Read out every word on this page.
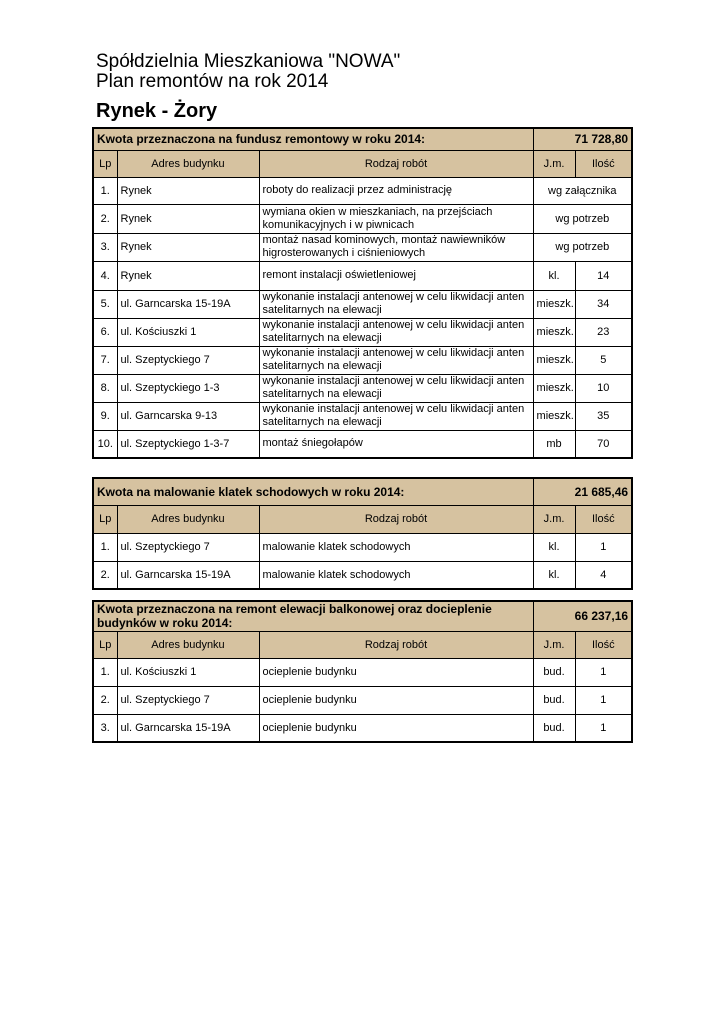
Spółdzielnia Mieszkaniowa "NOWA"
Plan remontów na rok 2014
Rynek - Żory
Kwota przeznaczona na fundusz remontowy w roku 2014:			71 728,80	
Lp	Adres budynku	Rodzaj robót	J.m.	Ilość
1.	Rynek	roboty do realizacji przez administrację	wg załącznika	
2.	Rynek	wymiana okien w mieszkaniach, na przejściach komunikacyjnych i w piwnicach	wg potrzeb	
3.	Rynek	montaż nasad kominowych, montaż nawiewników higrosterowanych i ciśnieniowych	wg potrzeb	
4.	Rynek	remont instalacji oświetleniowej	kl.	14
5.	ul. Garncarska 15-19A	wykonanie instalacji antenowej w celu likwidacji anten satelitarnych na elewacji	mieszk.	34
6.	ul. Kościuszki 1	wykonanie instalacji antenowej w celu likwidacji anten satelitarnych na elewacji	mieszk.	23
7.	ul. Szeptyckiego 7	wykonanie instalacji antenowej w celu likwidacji anten satelitarnych na elewacji	mieszk.	5
8.	ul. Szeptyckiego 1-3	wykonanie instalacji antenowej w celu likwidacji anten satelitarnych na elewacji	mieszk.	10
9.	ul. Garncarska 9-13	wykonanie instalacji antenowej w celu likwidacji anten satelitarnych na elewacji	mieszk.	35
10.	ul. Szeptyckiego 1-3-7	montaż śniegołapów	mb	70
Kwota na malowanie klatek schodowych w roku 2014:			21 685,46	
Lp	Adres budynku	Rodzaj robót	J.m.	Ilość
1.	ul. Szeptyckiego 7	malowanie klatek schodowych	kl.	1
2.	ul. Garncarska 15-19A	malowanie klatek schodowych	kl.	4
Kwota przeznaczona na remont elewacji balkonowej oraz docieplenie budynków w roku 2014:			66 237,16	
Lp	Adres budynku	Rodzaj robót	J.m.	Ilość
1.	ul. Kościuszki 1	ocieplenie budynku	bud.	1
2.	ul. Szeptyckiego 7	ocieplenie budynku	bud.	1
3.	ul. Garncarska 15-19A	ocieplenie budynku	bud.	1
